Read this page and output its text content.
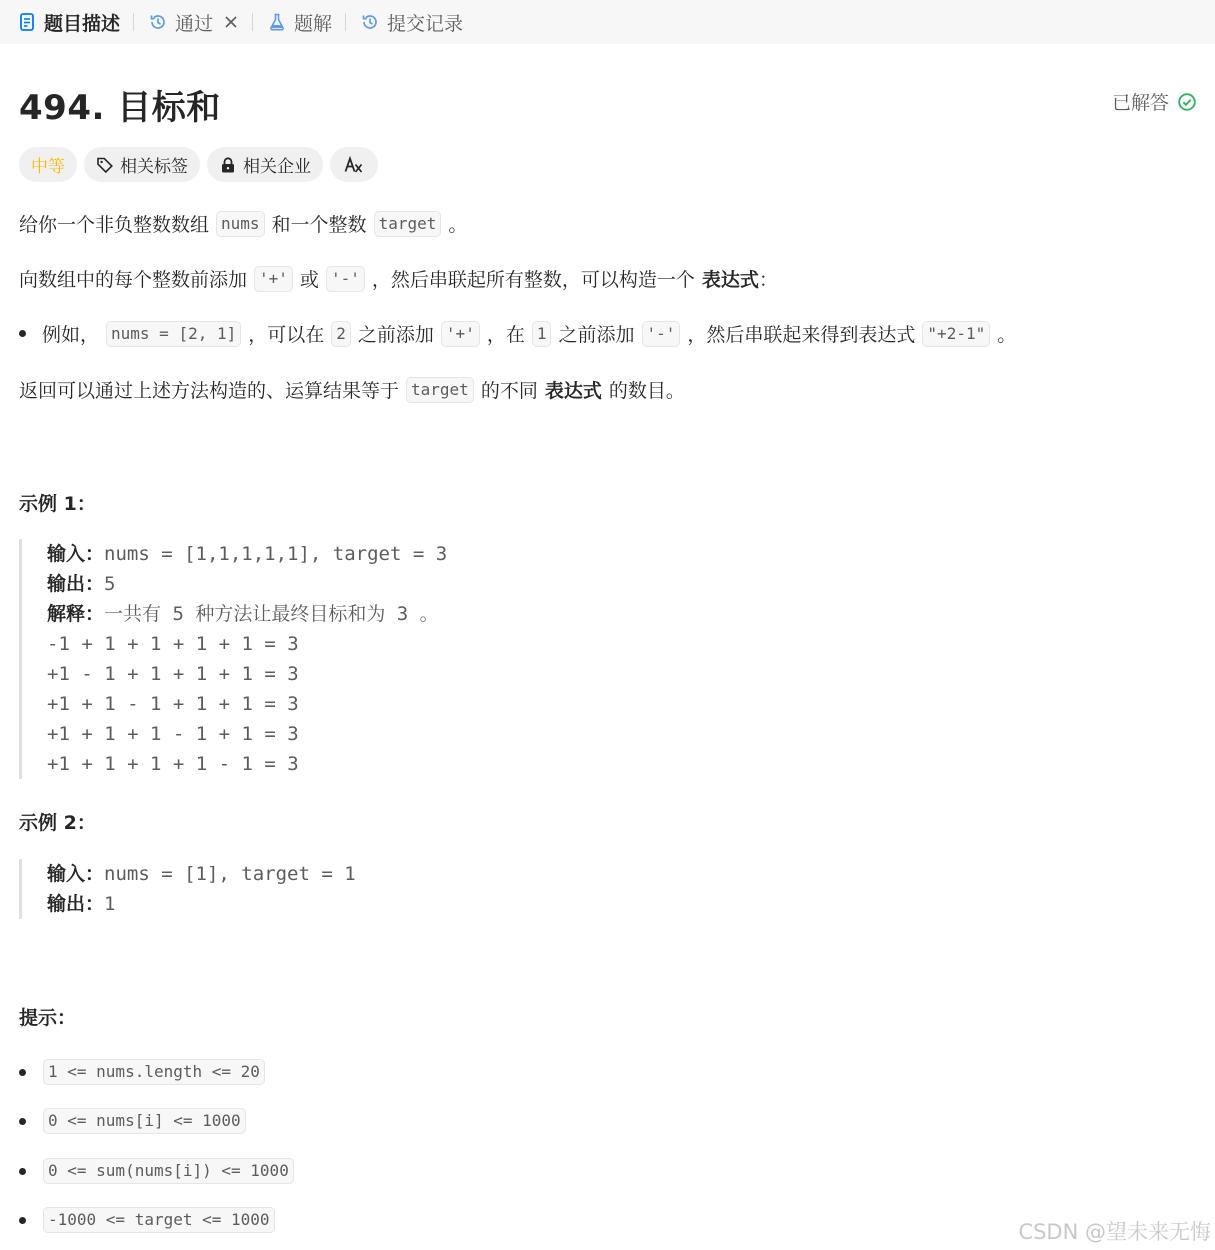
题目描述	通过	题解	提交记录
494. 目标和	已解答
中等	相关标签	相关企业
给你一个非负整数数组 nums 和一个整数 target 。
向数组中的每个整数前添加 '+' 或 '-' ，然后串联起所有整数，可以构造一个 表达式 ：
例如， nums = [2, 1] ，可以在 2 之前添加 '+' ，在 1 之前添加 '-' ，然后串联起来得到表达式 "+2-1" 。
返回可以通过上述方法构造的、运算结果等于 target 的不同 表达式 的数目。
示例 1：
输入：nums = [1,1,1,1,1], target = 3
输出：5
解释：一共有 5 种方法让最终目标和为 3 。
-1 + 1 + 1 + 1 + 1 = 3
+1 - 1 + 1 + 1 + 1 = 3
+1 + 1 - 1 + 1 + 1 = 3
+1 + 1 + 1 - 1 + 1 = 3
+1 + 1 + 1 + 1 - 1 = 3
示例 2：
输入：nums = [1], target = 1
输出：1
提示：
1 <= nums.length <= 20
0 <= nums[i] <= 1000
0 <= sum(nums[i]) <= 1000
-1000 <= target <= 1000
CSDN @望未来无悔
